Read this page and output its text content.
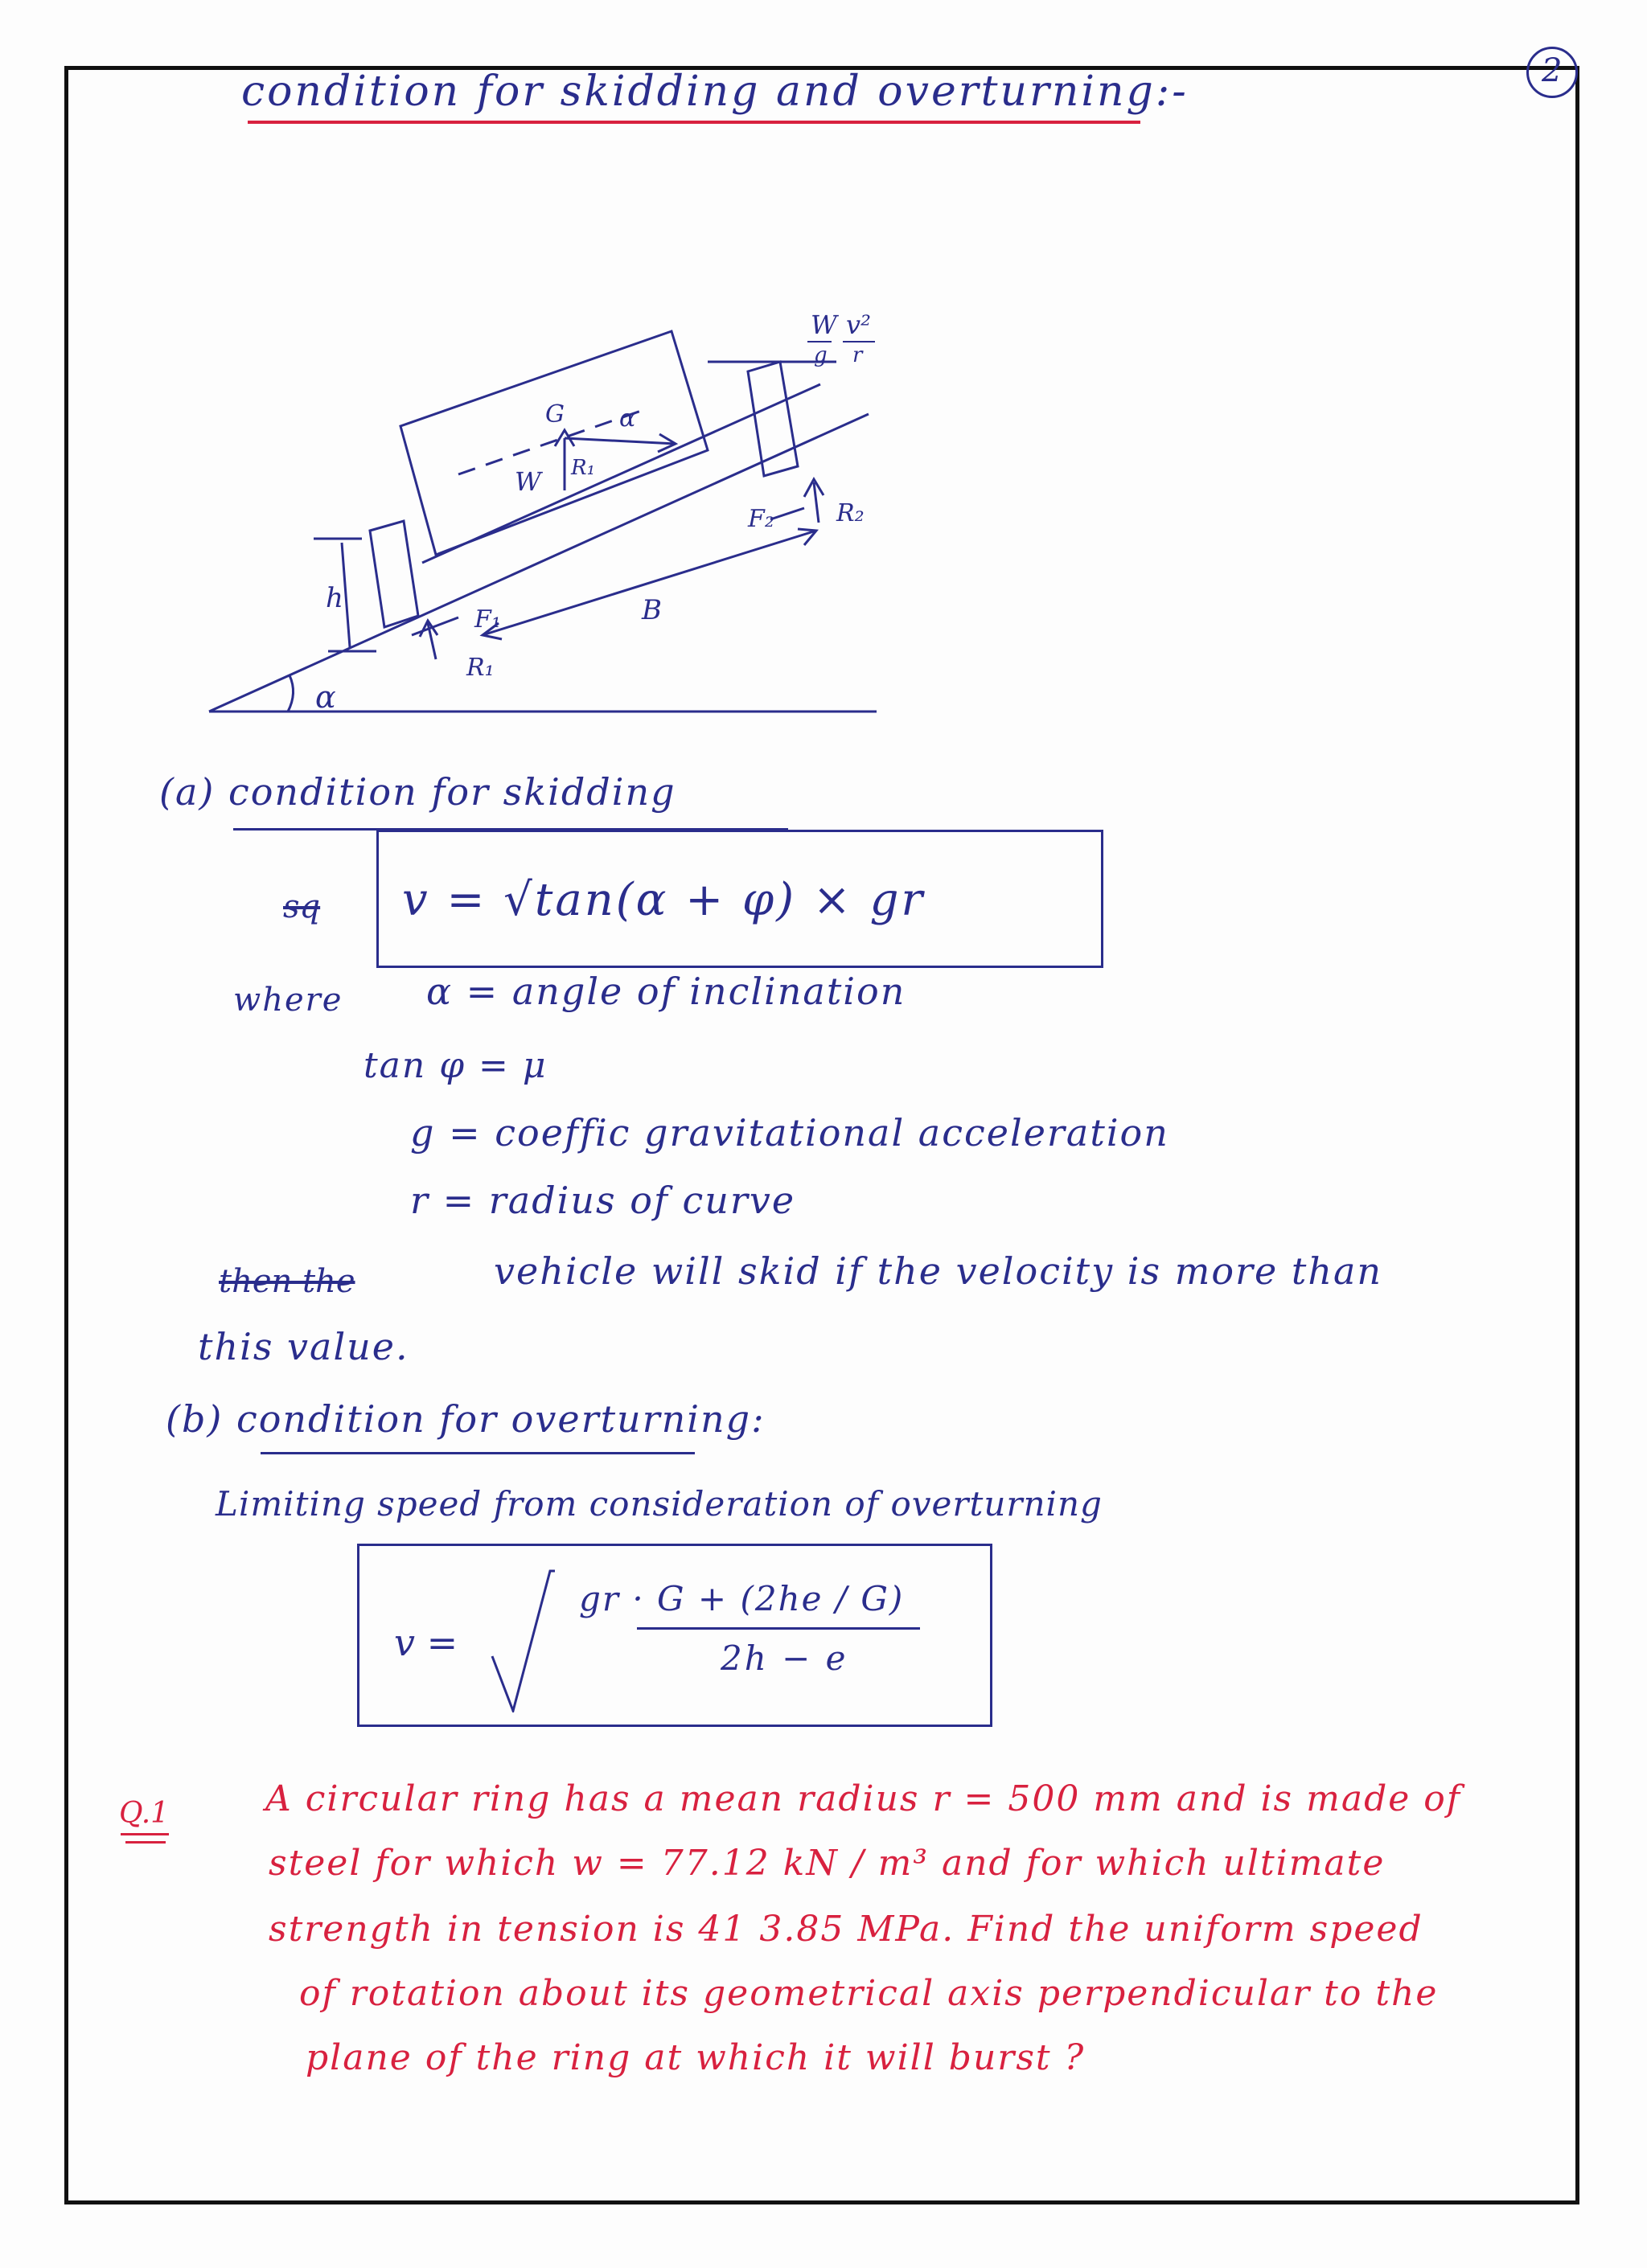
2
condition for skidding and overturning:-
W
g
v²
r
G α
W R₁
F₂	R₂
h
F₁	B
R₁
α
(a) condition for skidding
sq v = √tan(α + φ) × gr
where α = angle of inclination
tan φ = μ
g = coeffic gravitational acceleration
r = radius of curve
then the	vehicle will skid if the velocity is more than
this value.
(b) condition for overturning:
Limiting speed from consideration of overturning
v =
gr · G + (2he / G)
2h − e
Q.1	A circular ring has a mean radius r = 500 mm and is made of
steel for which w = 77.12 kN / m³ and for which ultimate
strength in tension is 41 3.85 MPa. Find the uniform speed
of rotation about its geometrical axis perpendicular to the
plane of the ring at which it will burst ?
